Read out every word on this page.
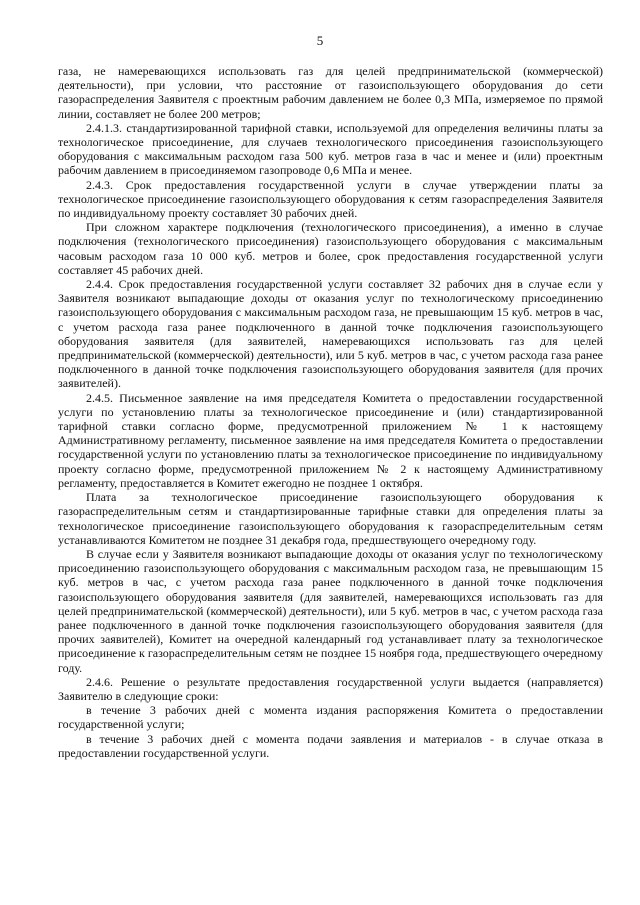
5

газа, не намеревающихся использовать газ для целей предпринимательской (коммерческой) деятельности), при условии, что расстояние от газоиспользующего оборудования до сети газораспределения Заявителя с проектным рабочим давлением не более 0,3 МПа, измеряемое по прямой линии, составляет не более 200 метров;

2.4.1.3. стандартизированной тарифной ставки, используемой для определения величины платы за технологическое присоединение, для случаев технологического присоединения газоиспользующего оборудования с максимальным расходом газа 500 куб. метров газа в час и менее и (или) проектным рабочим давлением в присоединяемом газопроводе 0,6 МПа и менее.

2.4.3. Срок предоставления государственной услуги в случае утверждении платы за технологическое присоединение газоиспользующего оборудования к сетям газораспределения Заявителя по индивидуальному проекту составляет 30 рабочих дней.

При сложном характере подключения (технологического присоединения), а именно в случае подключения (технологического присоединения) газоиспользующего оборудования с максимальным часовым расходом газа 10 000 куб. метров и более, срок предоставления государственной услуги составляет 45 рабочих дней.

2.4.4. Срок предоставления государственной услуги составляет 32 рабочих дня в случае если у Заявителя возникают выпадающие доходы от оказания услуг по технологическому присоединению газоиспользующего оборудования с максимальным расходом газа, не превышающим 15 куб. метров в час, с учетом расхода газа ранее подключенного в данной точке подключения газоиспользующего оборудования заявителя (для заявителей, намеревающихся использовать газ для целей предпринимательской (коммерческой) деятельности), или 5 куб. метров в час, с учетом расхода газа ранее подключенного в данной точке подключения газоиспользующего оборудования заявителя (для прочих заявителей).

2.4.5. Письменное заявление на имя председателя Комитета о предоставлении государственной услуги по установлению платы за технологическое присоединение и (или) стандартизированной тарифной ставки согласно форме, предусмотренной приложением № 1 к настоящему Административному регламенту, письменное заявление на имя председателя Комитета о предоставлении государственной услуги по установлению платы за технологическое присоединение по индивидуальному проекту согласно форме, предусмотренной приложением № 2 к настоящему Административному регламенту, предоставляется в Комитет ежегодно не позднее 1 октября.

Плата за технологическое присоединение газоиспользующего оборудования к газораспределительным сетям и стандартизированные тарифные ставки для определения платы за технологическое присоединение газоиспользующего оборудования к газораспределительным сетям устанавливаются Комитетом не позднее 31 декабря года, предшествующего очередному году.

В случае если у Заявителя возникают выпадающие доходы от оказания услуг по технологическому присоединению газоиспользующего оборудования с максимальным расходом газа, не превышающим 15 куб. метров в час, с учетом расхода газа ранее подключенного в данной точке подключения газоиспользующего оборудования заявителя (для заявителей, намеревающихся использовать газ для целей предпринимательской (коммерческой) деятельности), или 5 куб. метров в час, с учетом расхода газа ранее подключенного в данной точке подключения газоиспользующего оборудования заявителя (для прочих заявителей), Комитет на очередной календарный год устанавливает плату за технологическое присоединение к газораспределительным сетям не позднее 15 ноября года, предшествующего очередному году.

2.4.6. Решение о результате предоставления государственной услуги выдается (направляется) Заявителю в следующие сроки:

в течение 3 рабочих дней с момента издания распоряжения Комитета о предоставлении государственной услуги;

в течение 3 рабочих дней с момента подачи заявления и материалов - в случае отказа в предоставлении государственной услуги.
